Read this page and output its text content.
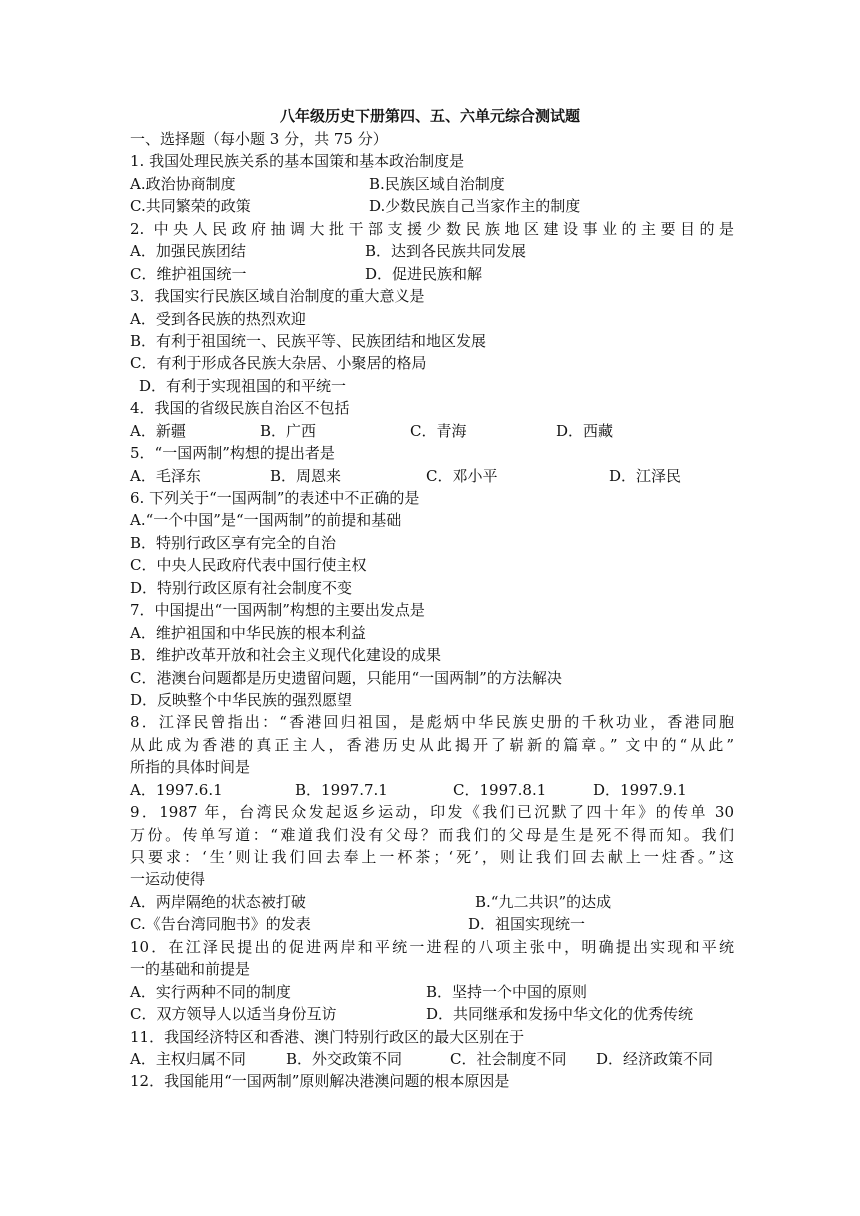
八年级历史下册第四、五、六单元综合测试题
一、选择题（每小题 3 分，共 75 分）
1. 我国处理民族关系的基本国策和基本政治制度是
A.政治协商制度	B.民族区域自治制度
C.共同繁荣的政策	D.少数民族自己当家作主的制度
2. 中央人民政府抽调大批干部支援少数民族地区建设事业的主要目的是
A．加强民族团结	B．达到各民族共同发展
C．维护祖国统一	D．促进民族和解
3．我国实行民族区域自治制度的重大意义是
A．受到各民族的热烈欢迎
B．有利于祖国统一、民族平等、民族团结和地区发展
C．有利于形成各民族大杂居、小聚居的格局
D．有利于实现祖国的和平统一
4．我国的省级民族自治区不包括
A．新疆	B．广西	C．青海	D．西藏
5．“一国两制”构想的提出者是
A．毛泽东	B．周恩来	C．邓小平	D．江泽民
6. 下列关于“一国两制”的表述中不正确的是
A.“一个中国”是“一国两制”的前提和基础
B．特别行政区享有完全的自治
C．中央人民政府代表中国行使主权
D．特别行政区原有社会制度不变
7．中国提出“一国两制”构想的主要出发点是
A．维护祖国和中华民族的根本利益
B．维护改革开放和社会主义现代化建设的成果
C．港澳台问题都是历史遗留问题，只能用“一国两制”的方法解决
D．反映整个中华民族的强烈愿望
8．江泽民曾指出：“香港回归祖国，是彪炳中华民族史册的千秋功业，香港同胞
从此成为香港的真正主人，香港历史从此揭开了崭新的篇章。” 文中的“从此”
所指的具体时间是
A．1997.6.1	B．1997.7.1	C．1997.8.1	D．1997.9.1
9．1987 年，台湾民众发起返乡运动，印发《我们已沉默了四十年》的传单 30
万份。传单写道：“难道我们没有父母？而我们的父母是生是死不得而知。我们
只要求：‘生’则让我们回去奉上一杯茶；‘死’，则让我们回去献上一炷香。”这
一运动使得
A．两岸隔绝的状态被打破	B.“九二共识”的达成
C.《告台湾同胞书》的发表	D．祖国实现统一
10．在江泽民提出的促进两岸和平统一进程的八项主张中，明确提出实现和平统
一的基础和前提是
A．实行两种不同的制度	B．坚持一个中国的原则
C．双方领导人以适当身份互访	D．共同继承和发扬中华文化的优秀传统
11．我国经济特区和香港、澳门特别行政区的最大区别在于
A．主权归属不同	B．外交政策不同	C．社会制度不同 D．经济政策不同
12．我国能用“一国两制”原则解决港澳问题的根本原因是
